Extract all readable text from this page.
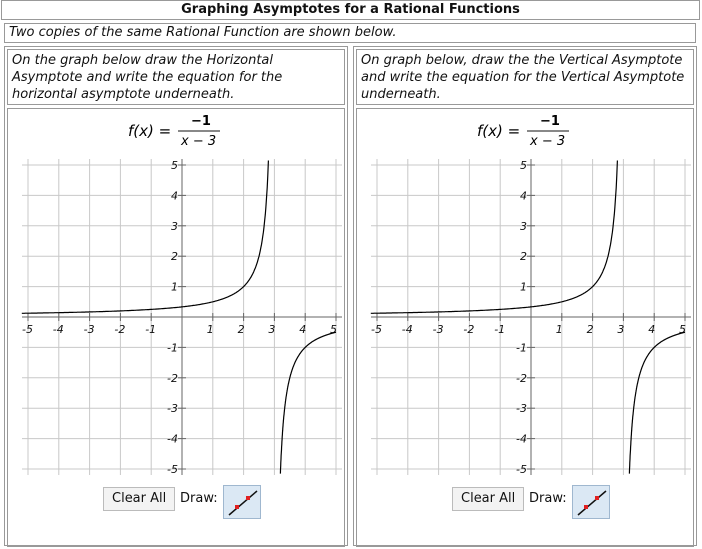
Graphing Asymptotes for a Rational Functions
Two copies of the same Rational Function are shown below.
On the graph below draw the Horizontal Asymptote and write the equation for the horizontal asymptote underneath.
f(x) =
−1
x − 3
-5 -4 -3 -2 -1	1 2 3 4 5
5
4
3
2
1
-1
-2
-3
-4
-5
Clear All	Draw:
On graph below, draw the the Vertical Asymptote and write the equation for the Vertical Asymptote underneath.
f(x) =
−1
x − 3
-5 -4 -3 -2 -1	1 2 3 4 5
5
4
3
2
1
-1
-2
-3
-4
-5
Clear All	Draw:
